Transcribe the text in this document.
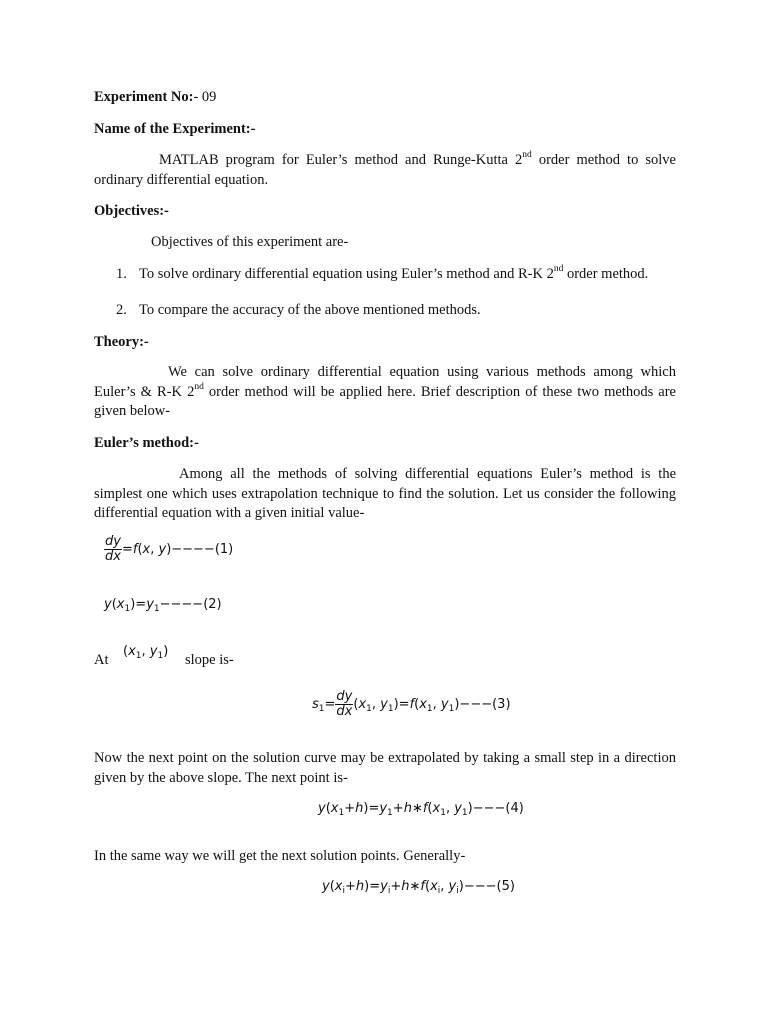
Experiment No:- 09
Name of the Experiment:-
MATLAB program for Euler’s method and Runge-Kutta 2nd order method to solve ordinary differential equation.
Objectives:-
Objectives of this experiment are-
1. To solve ordinary differential equation using Euler’s method and R-K 2nd order method.
2. To compare the accuracy of the above mentioned methods.
Theory:-
We can solve ordinary differential equation using various methods among which Euler’s & R-K 2nd order method will be applied here. Brief description of these two methods are given below-
Euler’s method:-
Among all the methods of solving differential equations Euler’s method is the simplest one which uses extrapolation technique to find the solution. Let us consider the following differential equation with a given initial value-
$\frac{dy}{dx} =f(x$, y)−−−−(1)
$y(x_1)=y_1----(2)$
At
($x_1$, $y_1$)
slope is-
$s_1= \frac{dy}{dx} (x_1$, $y_1)=f(x_1$, $y_1)---(3)$
Now the next point on the solution curve may be extrapolated by taking a small step in a direction given by the above slope. The next point is-
$y(x_1+h)=y_1+h∗f(x_1$, $y_1)---(4)$
In the same way we will get the next solution points. Generally-
$y(x_i+h)=y_i+h∗f(x_i$, $y_i)---(5)$
